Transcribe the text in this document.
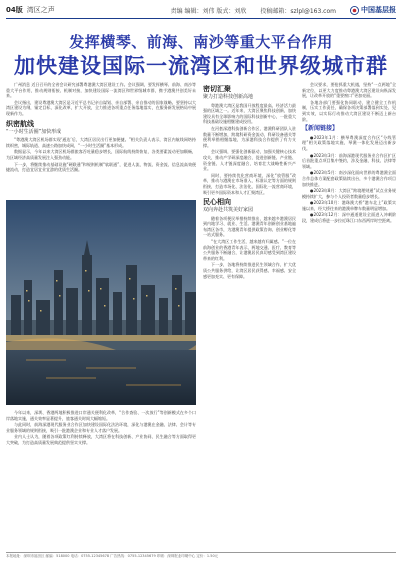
04版 湾区之声	责编 编辑：刘伟 版式：刘欣 投稿邮箱：szlpl@163.com	中国基层报
发挥横琴、前海、南沙等重大平台作用
加快建设国际一流湾区和世界级城市群

广州消息 近日召开的全省会议研究部署粤港澳大湾区建设工作。会议强调，要发挥横琴、前海、南沙等重大平台作用，推动规则衔接、机制对接，加快建设国际一流湾区和世界级城市群，携手港澳共创美好未来。

会议指出，建设粤港澳大湾区是习近平总书记亲自谋划、亲自部署、亲自推动的国家战略。要坚持以大湾区建设为纲，锚定目标，深化改革，扩大开放，全力推进各项重点任务落地落实，在服务新发展格局中展现新作为。

织密航线
“一小时生活圈”加快形成

“粤港澳大湾区机场群实现‘通达’后，大湾区居民出行更加便捷。”相关负责人表示，湾区内航线网络持续织密，城际轨道、高速公路加快成网，“一小时生活圈”基本形成。

数据显示，今年以来大湾区机场群旅客吞吐量稳步增长，国际航线持续恢复，各类要素流动更加顺畅，为区域经济高质量发展注入强劲动能。

下一步，将继续推动基础设施“硬联通”和规则机制“软联通”，促进人流、物流、资金流、信息流高效便捷流动，打造宜居宜业宜游的优质生活圈。

今年以来，深圳、香港两地积极推进口岸通关便利化改革，“合作查验、一次放行”等创新模式在多个口岸落地实施，通关效率显著提升，旅客通关时间大幅缩短。

与此同时，前海深港现代服务业合作区加快建设国际化法治环境，深化与港澳在金融、法律、会计等专业服务领域的规则衔接，吸引一批港澳企业和专业人才落户发展。

业内人士认为，随着各项政策红利持续释放，大湾区将在科技创新、产业协同、民生融合等方面取得更大突破，为打造高质量发展典范提供坚实支撑。

密切汇聚
聚力打造科技创新高地

粤港澳大湾区是我国开放程度最高、经济活力最强的区域之一。近年来，大湾区聚焦科技创新，加快建设具有全球影响力的国际科技创新中心，一批重大科技基础设施相继建成投用。

在河套深港科技创新合作区，港澳科研团队入驻数量不断增加，跨境科研资金流动、科研设备通关等便利举措相继落地，为深港科技合作提供了有力支撑。

会议强调，要强化创新驱动，加强关键核心技术攻关，推动产学研深度融合，促进创新链、产业链、资金链、人才链深度融合，培育壮大战略性新兴产业。

同时，要持续优化营商环境，深化“放管服”改革，推动与港澳在市场准入、标准认定等方面的规则衔接，打造市场化、法治化、国际化一流营商环境，吸引更多国际资本和人才汇聚湾区。

民心相向
双向奔赴共筑美好家园

随着各项便民举措持续推出，越来越多港澳居民到内地学习、就业、生活。港澳青年创新创业基地遍布湾区各市，为港澳青年提供政策咨询、创业孵化等一站式服务。

“在大湾区工作生活，越来越有归属感。”一位在前海创业的香港青年表示，两地交通、医疗、教育等公共服务不断融合，让港澳居民真切感受到湾区建设带来的红利。

下一步，各地将持续推进民生领域合作，扩大优质公共服务供给，让湾区居民获得感、幸福感、安全感更加充实、更有保障。

会议要求，要抢抓重大机遇，坚持“一点两地”全新定位，以更大力度推动粤港澳大湾区建设向纵深发展，让改革开放的“重要窗口”更加亮丽。

各地各部门要强化协同联动，建立健全工作机制，压实工作责任，确保各项决策部署落到实处、见到实效，以实际行动推动大湾区建设不断迈上新台阶。

【新闻链接】

●2023年1月：横琴粤澳深度合作区“分线管理”相关政策落地实施，琴澳一体化发展迈出新步伐。

●2023年3月：前海深港现代服务业合作区扩区后首批重点项目集中签约，涉及金融、科技、法律等领域。

●2023年5月：南沙深化面向世界的粤港澳全面合作总体方案配套政策陆续出台，多个港澳合作项目加快推进。

●2023年8月：大湾区“跨境理财通”试点业务规模持续扩大，参与个人投资者数量稳步增长。

●2023年10月：港珠澳大桥“港车北上”政策实施以来，经大桥往来的港澳单牌车数量明显增加。

●2023年12月：深中通道建设全面进入冲刺阶段，建成后将进一步拉近珠江口东西两岸时空距离。

本报地址：深圳市福田区 邮编：518000 电话：0755-12345678 广告热线：0755-12345679 印刷：深圳报业印刷中心 定价：1.50元
